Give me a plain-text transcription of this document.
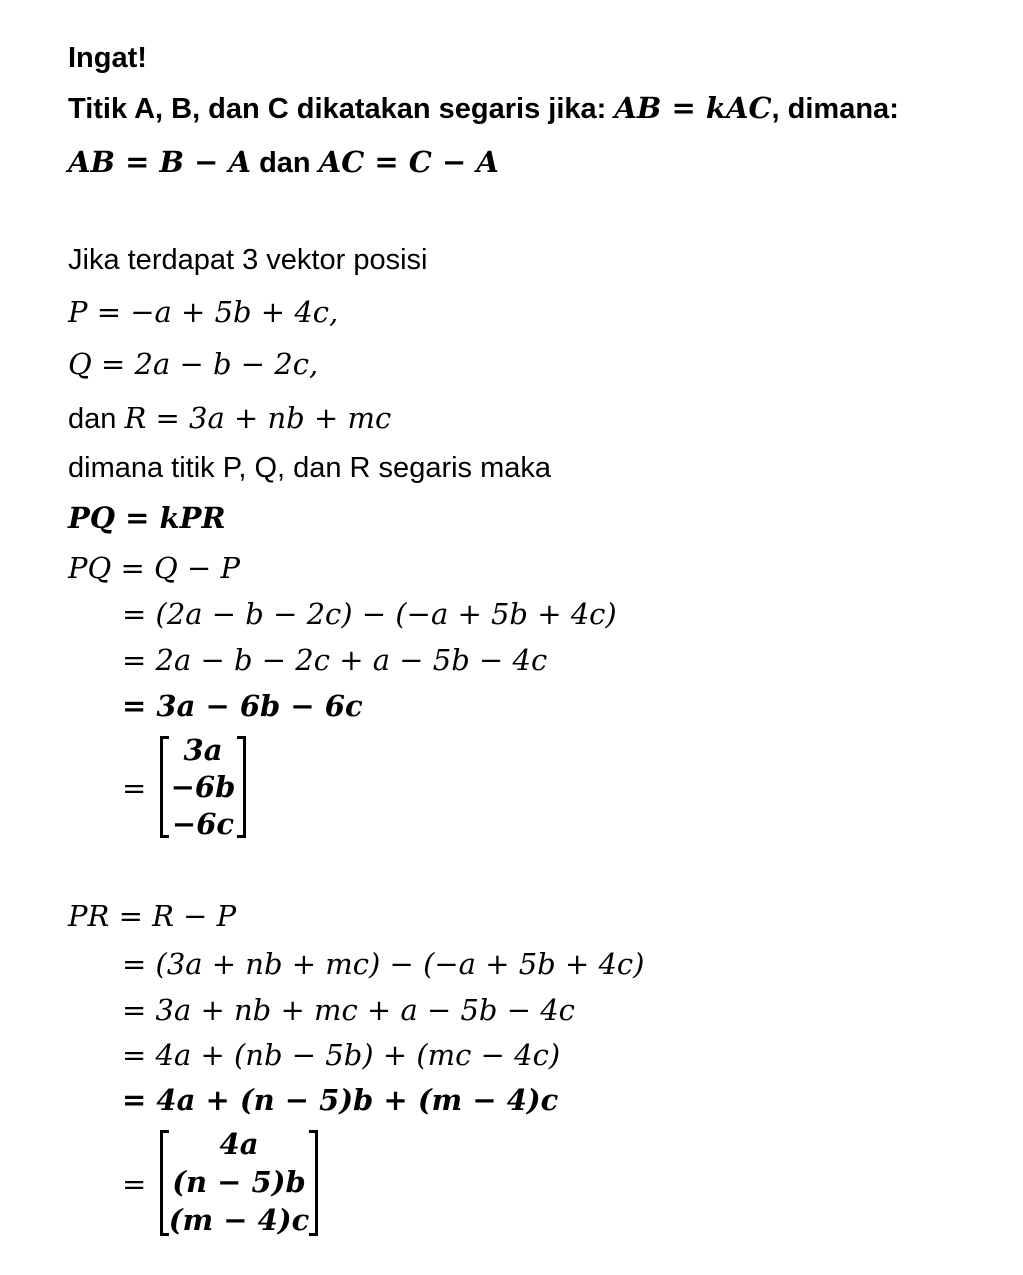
Ingat!
Titik A, B, dan C dikatakan segaris jika: AB = kAC, dimana:
AB = B − A dan AC = C − A
Jika terdapat 3 vektor posisi
P = −a + 5b + 4c,
Q = 2a − b − 2c,
dan R = 3a + nb + mc
dimana titik P, Q, dan R segaris maka
PQ = kPR
PQ = Q − P
= (2a − b − 2c) − (−a + 5b + 4c)
= 2a − b − 2c + a − 5b − 4c
= 3a − 6b − 6c
=
3a
−6b
−6c
PR = R − P
= (3a + nb + mc) − (−a + 5b + 4c)
= 3a + nb + mc + a − 5b − 4c
= 4a + (nb − 5b) + (mc − 4c)
= 4a + (n − 5)b + (m − 4)c
=
4a
(n − 5)b
(m − 4)c
